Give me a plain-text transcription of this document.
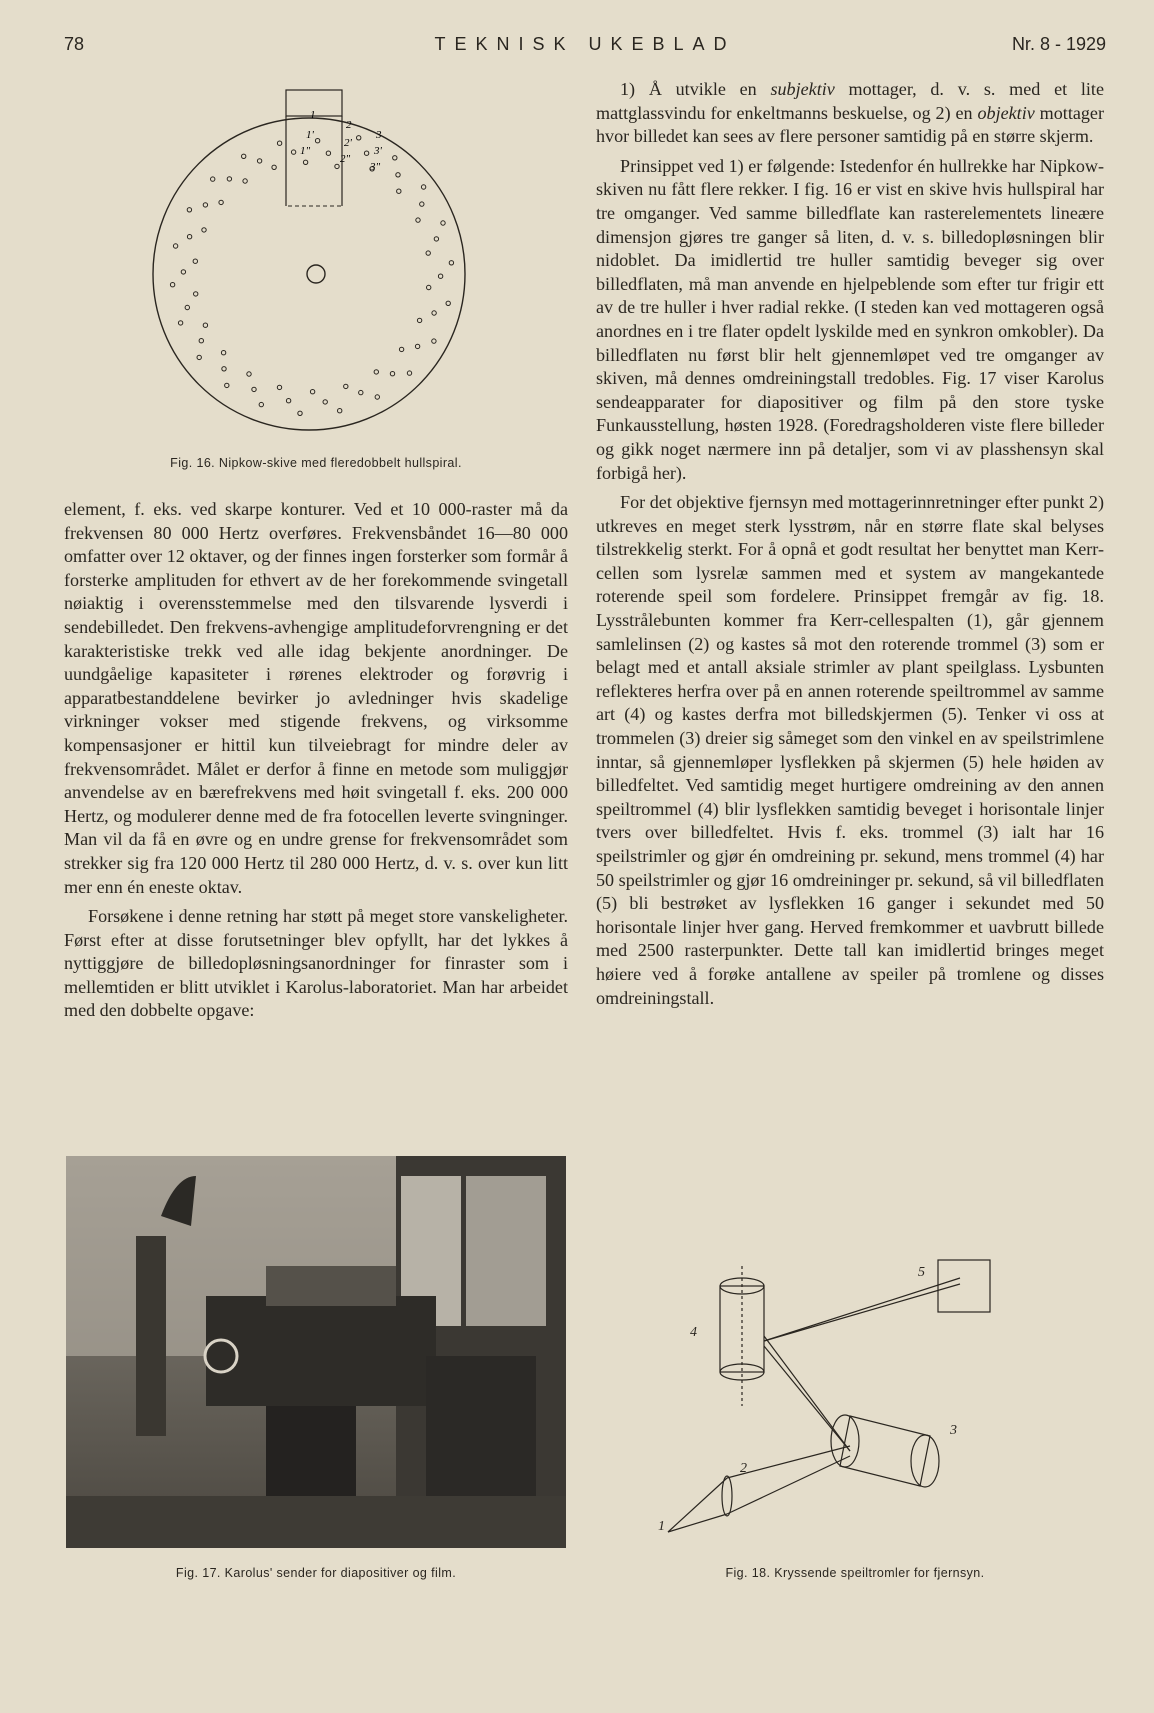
78	TEKNISK UKEBLAD	Nr. 8 - 1929
1
2
3
1'
2'
3'
1"
2"
3"
Fig. 16. Nipkow-skive med fleredobbelt hullspiral.

element, f. eks. ved skarpe konturer. Ved et 10 000-raster må da frekvensen 80 000 Hertz overføres. Frekvensbåndet 16—80 000 omfatter over 12 oktaver, og der finnes ingen forsterker som formår å forsterke amplituden for ethvert av de her forekommende svingetall nøiaktig i overensstemmelse med den tilsvarende lysverdi i sendebilledet. Den frekvens-avhengige amplitudeforvrengning er det karakteristiske trekk ved alle idag bekjente anordninger. De uundgåelige kapasiteter i rørenes elektroder og forøvrig i apparatbestanddelene bevirker jo avledninger hvis skadelige virkninger vokser med stigende frekvens, og virksomme kompensasjoner er hittil kun tilveiebragt for mindre deler av frekvensområdet. Målet er derfor å finne en metode som muliggjør anvendelse av en bærefrekvens med høit svingetall f. eks. 200 000 Hertz, og modulerer denne med de fra fotocellen leverte svingninger. Man vil da få en øvre og en undre grense for frekvensområdet som strekker sig fra 120 000 Hertz til 280 000 Hertz, d. v. s. over kun litt mer enn én eneste oktav.

Forsøkene i denne retning har støtt på meget store vanskeligheter. Først efter at disse forutsetninger blev opfyllt, har det lykkes å nyttiggjøre de billedopløsningsanordninger for finraster som i mellemtiden er blitt utviklet i Karolus-laboratoriet. Man har arbeidet med den dobbelte opgave:

1) Å utvikle en subjektiv mottager, d. v. s. med et lite mattglassvindu for enkeltmanns beskuelse, og 2) en objektiv mottager hvor billedet kan sees av flere personer samtidig på en større skjerm.

Prinsippet ved 1) er følgende: Istedenfor én hullrekke har Nipkow-skiven nu fått flere rekker. I fig. 16 er vist en skive hvis hullspiral har tre omganger. Ved samme billedflate kan rasterelementets lineære dimensjon gjøres tre ganger så liten, d. v. s. billedopløsningen blir nidoblet. Da imidlertid tre huller samtidig beveger sig over billedflaten, må man anvende en hjelpeblende som efter tur frigir ett av de tre huller i hver radial rekke. (I steden kan ved mottageren også anordnes en i tre flater opdelt lyskilde med en synkron omkobler). Da billedflaten nu først blir helt gjennemløpet ved tre omganger av skiven, må dennes omdreiningstall tredobles. Fig. 17 viser Karolus sendeapparater for diapositiver og film på den store tyske Funkausstellung, høsten 1928. (Foredragsholderen viste flere billeder og gikk noget nærmere inn på detaljer, som vi av plasshensyn skal forbigå her).

For det objektive fjernsyn med mottagerinnretninger efter punkt 2) utkreves en meget sterk lysstrøm, når en større flate skal belyses tilstrekkelig sterkt. For å opnå et godt resultat her benyttet man Kerr-cellen som lysrelæ sammen med et system av mangekantede roterende speil som fordelere. Prinsippet fremgår av fig. 18. Lysstrålebunten kommer fra Kerr-cellespalten (1), går gjennem samlelinsen (2) og kastes så mot den roterende trommel (3) som er belagt med et antall aksiale strimler av plant speilglass. Lysbunten reflekteres herfra over på en annen roterende speiltrommel av samme art (4) og kastes derfra mot billedskjermen (5). Tenker vi oss at trommelen (3) dreier sig såmeget som den vinkel en av speilstrimlene inntar, så gjennemløper lysflekken på skjermen (5) hele høiden av billedfeltet. Ved samtidig meget hurtigere omdreining av den annen speiltrommel (4) blir lysflekken samtidig beveget i horisontale linjer tvers over billedfeltet. Hvis f. eks. trommel (3) ialt har 16 speilstrimler og gjør én omdreining pr. sekund, mens trommel (4) har 50 speilstrimler og gjør 16 omdreininger pr. sekund, så vil billedflaten (5) bli bestrøket av lysflekken 16 ganger i sekundet med 50 horisontale linjer hver gang. Herved fremkommer et uavbrutt billede med 2500 rasterpunkter. Dette tall kan imidlertid bringes meget høiere ved å forøke antallene av speiler på tromlene og disses omdreiningstall.

Fig. 17. Karolus' sender for diapositiver og film.
1
2
3
4
5
Fig. 18. Kryssende speiltromler for fjernsyn.
